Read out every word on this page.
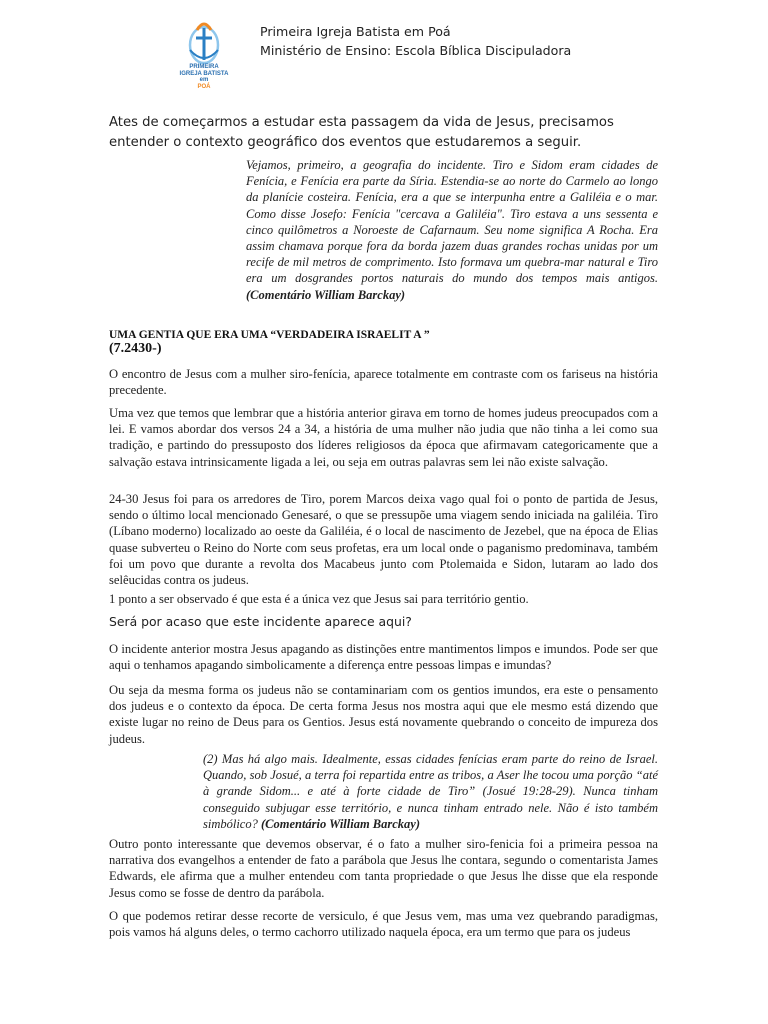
PRIMEIRA
IGREJA BATISTA
em
POÁ
Primeira Igreja Batista em Poá
Ministério de Ensino: Escola Bíblica Discipuladora
Ates de começarmos a estudar esta passagem da vida de Jesus, precisamos entender o contexto geográfico dos eventos que estudaremos a seguir.
Vejamos, primeiro, a geografia do incidente. Tiro e Sidom eram cidades de Fenícia, e Fenícia era parte da Síria. Estendia-se ao norte do Carmelo ao longo da planície costeira. Fenícia, era a que se interpunha entre a Galiléia e o mar. Como disse Josefo: Fenícia "cercava a Galiléia". Tiro estava a uns sessenta e cinco quilômetros a Noroeste de Cafarnaum. Seu nome significa A Rocha. Era assim chamava porque fora da borda jazem duas grandes rochas unidas por um recife de mil metros de comprimento. Isto formava um quebra-mar natural e Tiro era um dosgrandes portos naturais do mundo dos tempos mais antigos. (Comentário William Barckay)
UMA GENTIA QUE ERA UMA “VERDADEIRA ISRAELIT A ”
(7.2430-)
O encontro de Jesus com a mulher siro-fenícia, aparece totalmente em contraste com os fariseus na história precedente.
Uma vez que temos que lembrar que a história anterior girava em torno de homes judeus preocupados com a lei. E vamos abordar dos versos 24 a 34, a história de uma mulher não judia que não tinha a lei como sua tradição, e partindo do pressuposto dos líderes religiosos da época que afirmavam categoricamente que a salvação estava intrinsicamente ligada a lei, ou seja em outras palavras sem lei não existe salvação.
24-30 Jesus foi para os arredores de Tiro, porem Marcos deixa vago qual foi o ponto de partida de Jesus, sendo o último local mencionado Genesaré, o que se pressupõe uma viagem sendo iniciada na galiléia. Tiro (Líbano moderno) localizado ao oeste da Galiléia, é o local de nascimento de Jezebel, que na época de Elias quase subverteu o Reino do Norte com seus profetas, era um local onde o paganismo predominava, também foi um povo que durante a revolta dos Macabeus junto com Ptolemaida e Sidon, lutaram ao lado dos selêucidas contra os judeus.
1 ponto a ser observado é que esta é a única vez que Jesus sai para território gentio.
Será por acaso que este incidente aparece aqui?
O incidente anterior mostra Jesus apagando as distinções entre mantimentos limpos e imundos. Pode ser que aqui o tenhamos apagando simbolicamente a diferença entre pessoas limpas e imundas?
Ou seja da mesma forma os judeus não se contaminariam com os gentios imundos, era este o pensamento dos judeus e o contexto da época. De certa forma Jesus nos mostra aqui que ele mesmo está dizendo que existe lugar no reino de Deus para os Gentios. Jesus está novamente quebrando o conceito de impureza dos judeus.
(2) Mas há algo mais. Idealmente, essas cidades fenícias eram parte do reino de Israel. Quando, sob Josué, a terra foi repartida entre as tribos, a Aser lhe tocou uma porção “até à grande Sidom... e até à forte cidade de Tiro” (Josué 19:28-29). Nunca tinham conseguido subjugar esse território, e nunca tinham entrado nele. Não é isto também simbólico? (Comentário William Barckay)
Outro ponto interessante que devemos observar, é o fato a mulher siro-fenicia foi a primeira pessoa na narrativa dos evangelhos a entender de fato a parábola que Jesus lhe contara, segundo o comentarista James Edwards, ele afirma que a mulher entendeu com tanta propriedade o que Jesus lhe disse que ela responde Jesus como se fosse de dentro da parábola.
O que podemos retirar desse recorte de versiculo, é que Jesus vem, mas uma vez quebrando paradigmas, pois vamos há alguns deles, o termo cachorro utilizado naquela época, era um termo que para os judeus
